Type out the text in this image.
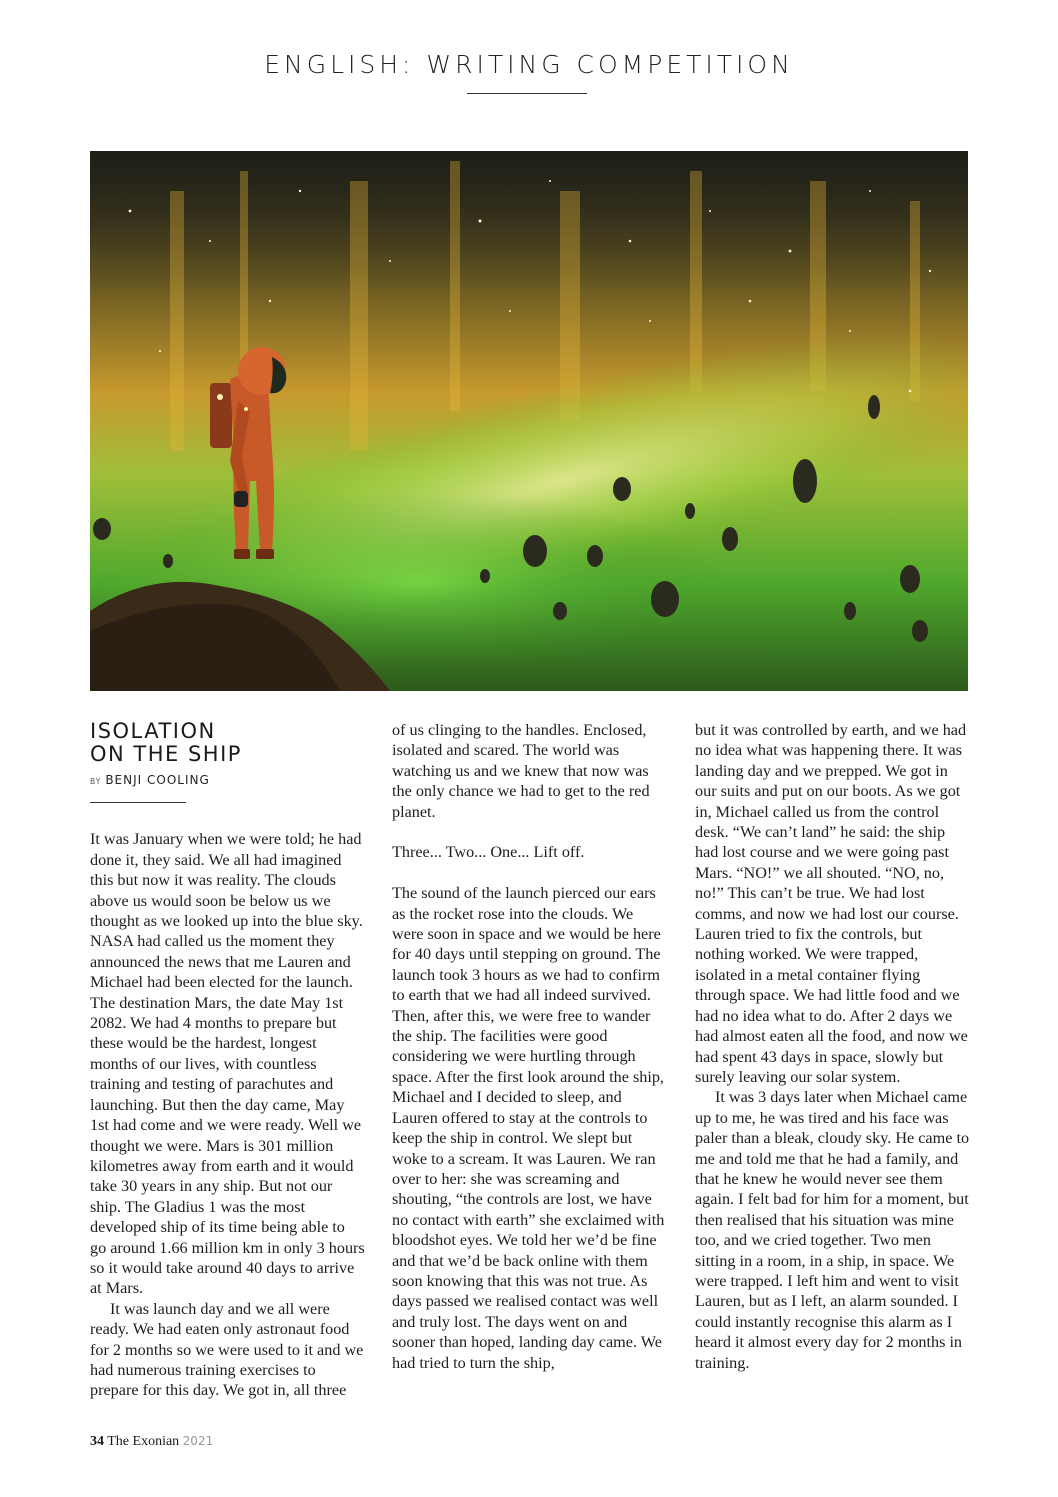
ENGLISH: WRITING COMPETITION
ISOLATION
ON THE SHIP
BY BENJI COOLING

It was January when we were told; he had done it, they said. We all had imagined this but now it was reality. The clouds above us would soon be below us we thought as we looked up into the blue sky. NASA had called us the moment they announced the news that me Lauren and Michael had been elected for the launch. The destination Mars, the date May 1st 2082. We had 4 months to prepare but these would be the hardest, longest months of our lives, with countless training and testing of parachutes and launching. But then the day came, May 1st had come and we were ready. Well we thought we were. Mars is 301 million kilometres away from earth and it would take 30 years in any ship. But not our ship. The Gladius 1 was the most developed ship of its time being able to go around 1.66 million km in only 3 hours so it would take around 40 days to arrive at Mars.

It was launch day and we all were ready. We had eaten only astronaut food for 2 months so we were used to it and we had numerous training exercises to prepare for this day. We got in, all three

of us clinging to the handles. Enclosed, isolated and scared. The world was watching us and we knew that now was the only chance we had to get to the red planet.

Three... Two... One... Lift off.

The sound of the launch pierced our ears as the rocket rose into the clouds. We were soon in space and we would be here for 40 days until stepping on ground. The launch took 3 hours as we had to confirm to earth that we had all indeed survived. Then, after this, we were free to wander the ship. The facilities were good considering we were hurtling through space. After the first look around the ship, Michael and I decided to sleep, and Lauren offered to stay at the controls to keep the ship in control. We slept but woke to a scream. It was Lauren. We ran over to her: she was screaming and shouting, “the controls are lost, we have no contact with earth” she exclaimed with bloodshot eyes. We told her we’d be fine and that we’d be back online with them soon knowing that this was not true. As days passed we realised contact was well and truly lost. The days went on and sooner than hoped, landing day came. We had tried to turn the ship,

but it was controlled by earth, and we had no idea what was happening there. It was landing day and we prepped. We got in our suits and put on our boots. As we got in, Michael called us from the control desk. “We can’t land” he said: the ship had lost course and we were going past Mars. “NO!” we all shouted. “NO, no, no!” This can’t be true. We had lost comms, and now we had lost our course. Lauren tried to fix the controls, but nothing worked. We were trapped, isolated in a metal container flying through space. We had little food and we had no idea what to do. After 2 days we had almost eaten all the food, and now we had spent 43 days in space, slowly but surely leaving our solar system.

It was 3 days later when Michael came up to me, he was tired and his face was paler than a bleak, cloudy sky. He came to me and told me that he had a family, and that he knew he would never see them again. I felt bad for him for a moment, but then realised that his situation was mine too, and we cried together. Two men sitting in a room, in a ship, in space. We were trapped. I left him and went to visit Lauren, but as I left, an alarm sounded. I could instantly recognise this alarm as I heard it almost every day for 2 months in training.

34 The Exonian 2021
